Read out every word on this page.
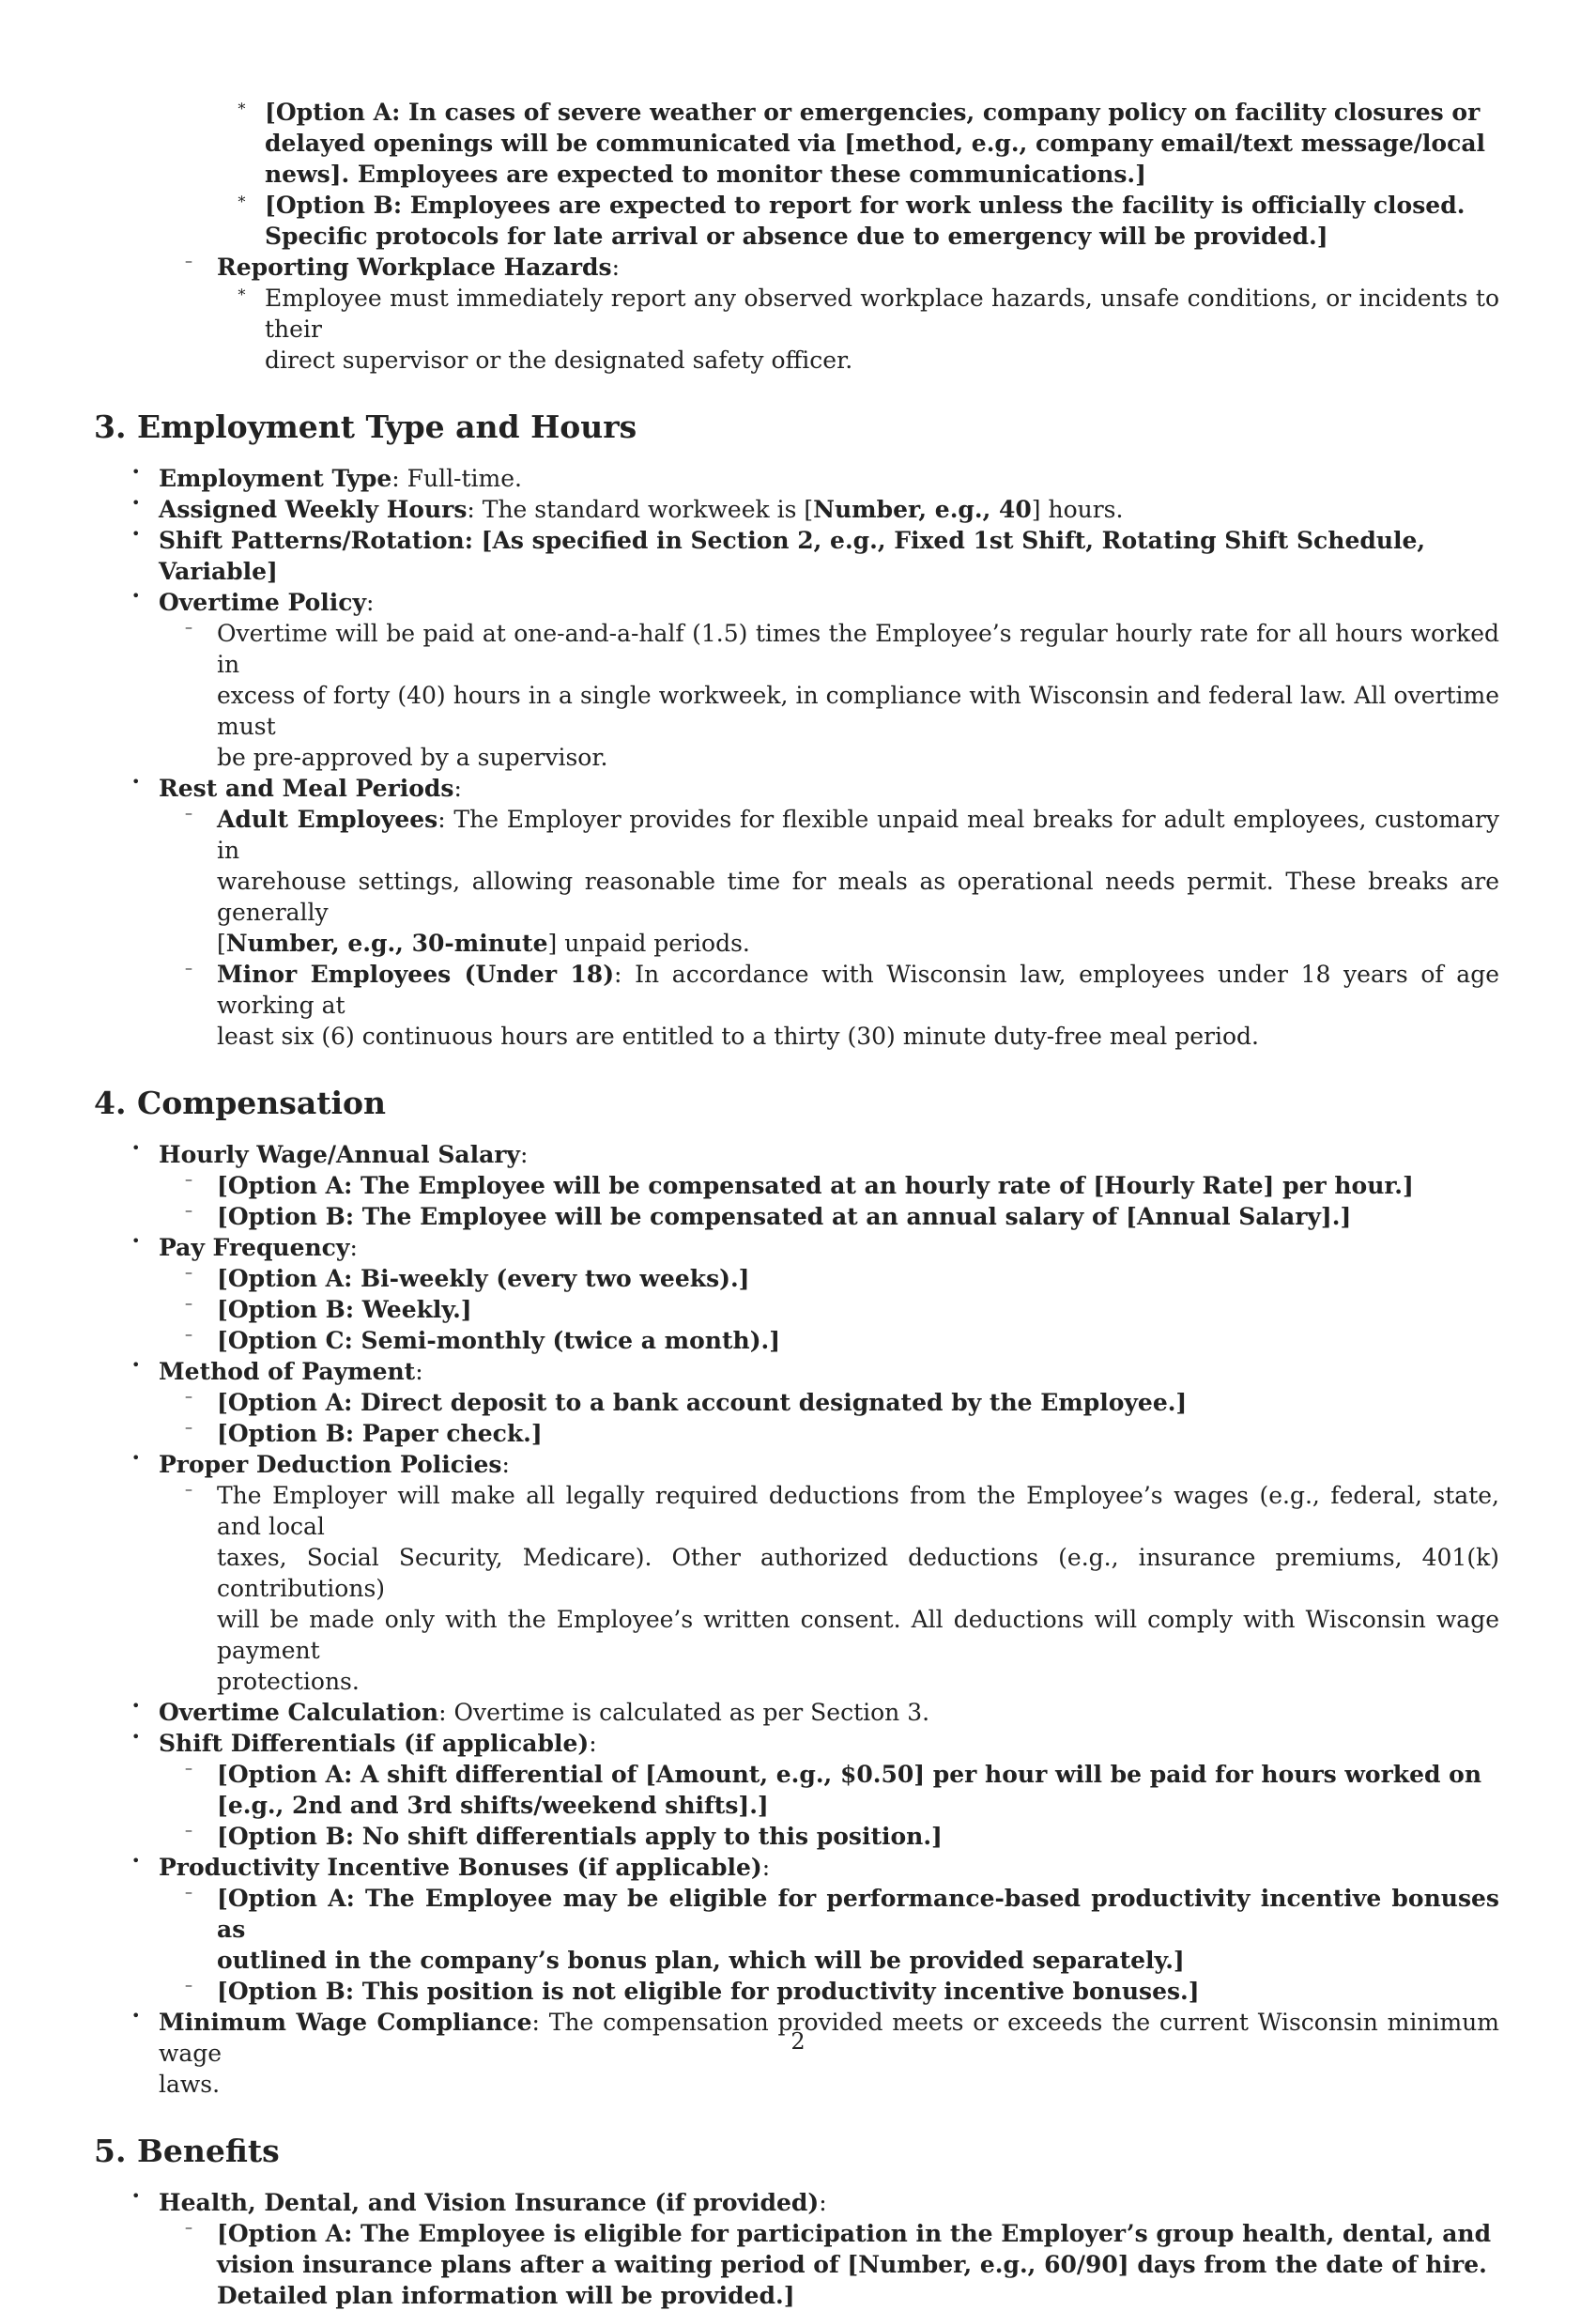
∗ [Option A: In cases of severe weather or emergencies, company policy on facility closures or
delayed openings will be communicated via [method, e.g., company email/text message/local
news]. Employees are expected to monitor these communications.]
∗ [Option B: Employees are expected to report for work unless the facility is officially closed.
Specific protocols for late arrival or absence due to emergency will be provided.]
– Reporting Workplace Hazards:
∗ Employee must immediately report any observed workplace hazards, unsafe conditions, or incidents to their
direct supervisor or the designated safety officer.
3. Employment Type and Hours
• Employment Type: Full-time.
• Assigned Weekly Hours: The standard workweek is [Number, e.g., 40] hours.
• Shift Patterns/Rotation: [As specified in Section 2, e.g., Fixed 1st Shift, Rotating Shift Schedule,
Variable]
• Overtime Policy:
– Overtime will be paid at one-and-a-half (1.5) times the Employee’s regular hourly rate for all hours worked in
excess of forty (40) hours in a single workweek, in compliance with Wisconsin and federal law. All overtime must
be pre-approved by a supervisor.
• Rest and Meal Periods:
– Adult Employees: The Employer provides for flexible unpaid meal breaks for adult employees, customary in
warehouse settings, allowing reasonable time for meals as operational needs permit. These breaks are generally
[Number, e.g., 30-minute] unpaid periods.
– Minor Employees (Under 18): In accordance with Wisconsin law, employees under 18 years of age working at
least six (6) continuous hours are entitled to a thirty (30) minute duty-free meal period.
4. Compensation
• Hourly Wage/Annual Salary:
– [Option A: The Employee will be compensated at an hourly rate of [Hourly Rate] per hour.]
– [Option B: The Employee will be compensated at an annual salary of [Annual Salary].]
• Pay Frequency:
– [Option A: Bi-weekly (every two weeks).]
– [Option B: Weekly.]
– [Option C: Semi-monthly (twice a month).]
• Method of Payment:
– [Option A: Direct deposit to a bank account designated by the Employee.]
– [Option B: Paper check.]
• Proper Deduction Policies:
– The Employer will make all legally required deductions from the Employee’s wages (e.g., federal, state, and local
taxes, Social Security, Medicare). Other authorized deductions (e.g., insurance premiums, 401(k) contributions)
will be made only with the Employee’s written consent. All deductions will comply with Wisconsin wage payment
protections.
• Overtime Calculation: Overtime is calculated as per Section 3.
• Shift Differentials (if applicable):
– [Option A: A shift differential of [Amount, e.g., $0.50] per hour will be paid for hours worked on
[e.g., 2nd and 3rd shifts/weekend shifts].]
– [Option B: No shift differentials apply to this position.]
• Productivity Incentive Bonuses (if applicable):
– [Option A: The Employee may be eligible for performance-based productivity incentive bonuses as
outlined in the company’s bonus plan, which will be provided separately.]
– [Option B: This position is not eligible for productivity incentive bonuses.]
• Minimum Wage Compliance: The compensation provided meets or exceeds the current Wisconsin minimum wage
laws.
5. Benefits
• Health, Dental, and Vision Insurance (if provided):
– [Option A: The Employee is eligible for participation in the Employer’s group health, dental, and
vision insurance plans after a waiting period of [Number, e.g., 60/90] days from the date of hire.
Detailed plan information will be provided.]
2
